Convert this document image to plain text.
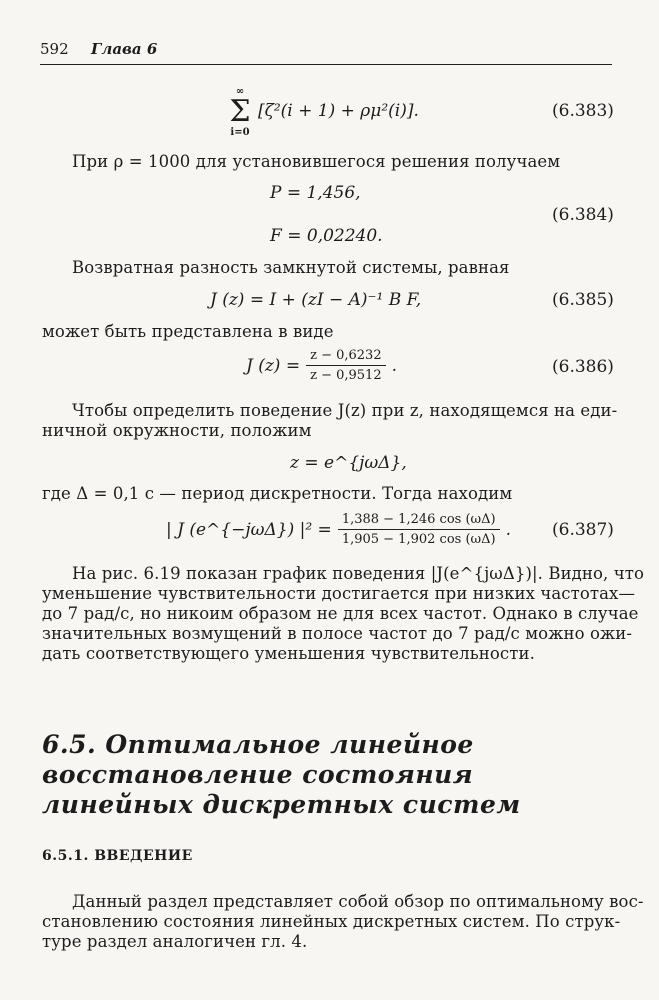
592 Глава 6
∞
Σ
i=0
[ζ²(i + 1) + ρμ²(i)].	(6.383)
При ρ = 1000 для установившегося решения получаем
P = 1,456,
F = 0,02240.
(6.384)
Возвратная разность замкнутой системы, равная
J (z) = I + (zI − A)⁻¹ B F,	(6.385)
может быть представлена в виде
J $(z) = \frac{z - 0,6232}{z - 0,9512}$ .	(6.386)
Чтобы определить поведение J(z) при z, находящемся на еди-
ничной окружности, положим
z = e^{jωΔ},
где Δ = 0,1 с — период дискретности. Тогда находим
| J (e^{−jωΔ}) $|^2 = \frac{1,388 - 1,246 \cos (\omega\Delta)}{1,905 - 1,902 \cos (\omega\Delta)}$ . (6.387)
На рис. 6.19 показан график поведения |J(e^{jωΔ})|. Видно, что
уменьшение чувствительности достигается при низких частотах—
до 7 рад/с, но никоим образом не для всех частот. Однако в случае
значительных возмущений в полосе частот до 7 рад/с можно ожи-
дать соответствующего уменьшения чувствительности.
6.5. Оптимальное линейное
восстановление состояния
линейных дискретных систем
6.5.1. ВВЕДЕНИЕ
Данный раздел представляет собой обзор по оптимальному вос-
становлению состояния линейных дискретных систем. По струк-
туре раздел аналогичен гл. 4.
